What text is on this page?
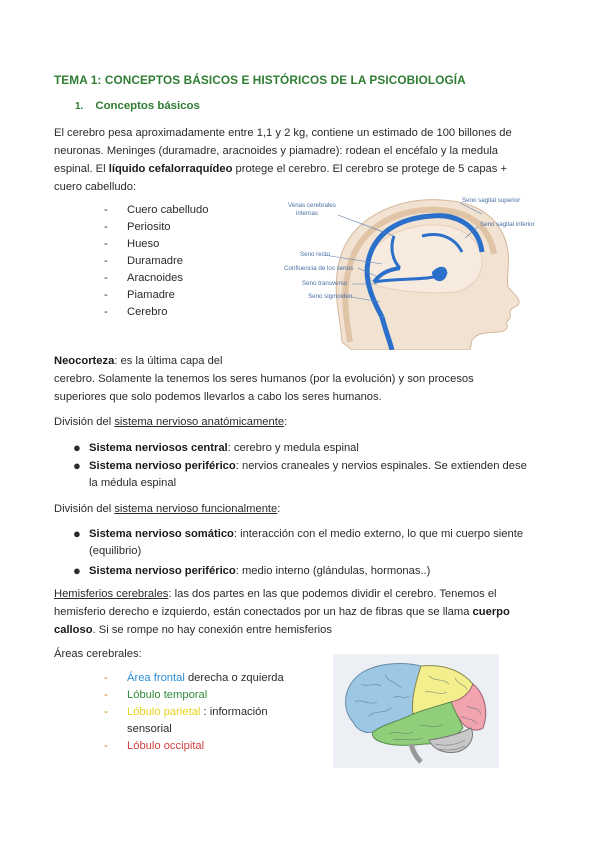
TEMA 1: CONCEPTOS BÁSICOS E HISTÓRICOS DE LA PSICOBIOLOGÍA
1. Conceptos básicos
El cerebro pesa aproximadamente entre 1,1 y 2 kg, contiene un estimado de 100 billones de
neuronas. Meninges (duramadre, aracnoides y piamadre): rodean el encéfalo y la medula
espinal. El líquido cefalorraquídeo protege el cerebro. El cerebro se protege de 5 capas +
cuero cabelludo:
-	Cuero cabelludo
-	Periosito
-	Hueso
-	Duramadre
-	Aracnoides
-	Piamadre
-	Cerebro
Venas cerebrales
internas
Seno sagital superior
Seno sagital inferior
Seno recto
Confluencia de los senos
Seno transverso
Seno sigmoideo
Neocorteza: es la última capa del
cerebro. Solamente la tenemos los seres humanos (por la evolución) y son procesos
superiores que solo podemos llevarlos a cabo los seres humanos.
División del sistema nervioso anatómicamente:
● Sistema nerviosos central: cerebro y medula espinal
● Sistema nervioso periférico: nervios craneales y nervios espinales. Se extienden dese
la médula espinal
División del sistema nervioso funcionalmente:
● Sistema nervioso somático: interacción con el medio externo, lo que mi cuerpo siente
(equilibrio)
● Sistema nervioso periférico: medio interno (glándulas, hormonas..)
Hemisferios cerebrales: las dos partes en las que podemos dividir el cerebro. Tenemos el
hemisferio derecho e izquierdo, están conectados por un haz de fibras que se llama cuerpo
calloso. Si se rompe no hay conexión entre hemisferios
Áreas cerebrales:
-	Área frontal derecha o zquierda
-	Lóbulo temporal
-	Lóbulo parietal : información
sensorial
-	Lóbulo occipital
